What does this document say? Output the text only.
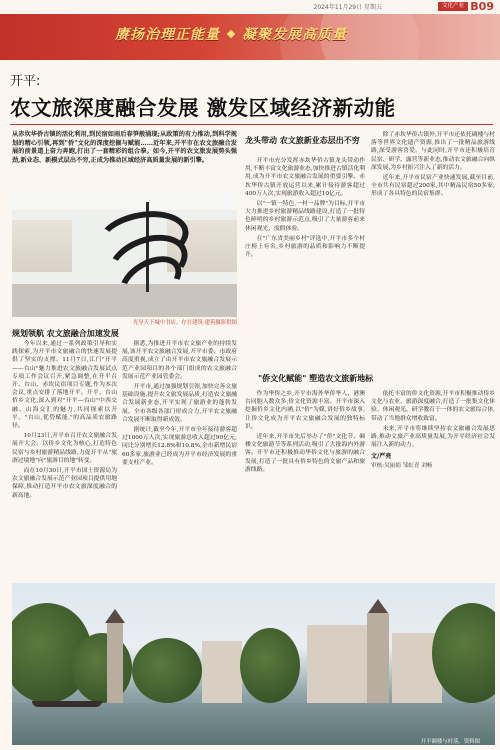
2024年11月29日 星期五	文化产业 B09
赓扬治理正能量 凝聚发展高质量
开平:
农文旅深度融合发展 激发区域经济新动能
从赤坎华侨古镇的活化利用,到民宿如雨后春笋般涌现;从政策的有力推动,到科学规划的精心引领,再到"侨"文化的深度挖掘与赋能……近年来,开平市在农文旅融合发展的前景道上奋力奔跑,打出了一套精彩的组合拳。如今,开平的农文旅发展势头强劲,新业态、新模式层出不穷,正成为推动区域经济高质量发展的新引擎。
光导天下城中书店。存在建筑·建筑摄影供图
规划领航 农文旅融合加速发展

今年以来,通过一系列政策引导和实践探索,为开平市文旅融合的快速发展提供了坚实的支撑。11月7日,江门"开平——台山"魅力推进农文旅融合发展试点专项工作会议召开,紧急调整,在开平召开、台山、赤坎民宿项目专题,作为本次会议,重点安排了落地开平。开平、台山侨乡文化,深入到对"开平—台山"中西交融、山海交汇的魅力,共同探索以开平。"台山,优势赋能,"的高品质农旅路径。

10月23日,开平市召开农文旅融合发展开大会。以侨乡文化为核心,打造特色民宿与乡村旅游精品线路,力促开平从"旅游过境地"向"旅游目的地"转变。

而在10月30日,开平市国土资源局为农文旅融合发展示范产业园项目提供用地保障,推动打造开平市农文旅深度融合的新高地。

据悉,为推进开平市农文旅产业的持续发展,该开平农文旅融合发展,开平市委、市政府高度重视,成立了由开平市农文旅融合发展示范产业园项目的各个部门组成的农文旅融合发展示范产业园管委会。

开平市,通过加强规划引领,加快完善文旅基础设施,提升农文旅发展品质,打造农文旅融合发展新业态,开平实现了旅游业的蓬勃发展。全市各级各部门形成合力,开平农文旅融合发展不断取得新成效。

据统计,截至今年,开平市全年接待游客超过1000万人次,实现旅游总收入超过90亿元,同比分别增长12.8%和10.8%,全市新增民宿60多家,旅游业已经成为开平市经济发展的重要支柱产业。

龙头带动 农文旅新业态层出不穷

开平市充分发挥赤坎华侨古镇龙头带动作用,不断丰富文化旅游业态,加快推进古镇活化利用,成为开平市农文旅融合发展的重要引擎。赤坎华侨古镇开放运营以来,累计接待游客超过400万人次,实现旅游收入超过10亿元。

以"一镇一特色,一村一品牌"为目标,开平市大力推进乡村旅游精品线路建设,打造了一批特色鲜明的乡村旅游示范点,吸引了大量游客前来休闲观光、度假体验。

在"广东省美丽乡村"评选中,开平市多个村庄榜上有名,乡村旅游的品质和影响力不断提升。

除了赤坎华侨古镇外,开平市还依托碉楼与村落等世界文化遗产资源,推出了一批精品旅游线路,深受游客喜爱。与此同时,开平市还积极培育民宿、研学、露营等新业态,推动农文旅融合向纵深发展,为乡村振兴注入了新的活力。

近年来,开平市民宿产业快速发展,截至目前,全市共有民宿超过200家,其中精品民宿50多家,形成了各具特色的民宿集群。

"侨文化赋能" 塑造农文旅新地标

作为华侨之乡,开平市海外华侨华人、港澳台同胞人数众多,侨文化资源丰富。开平市深入挖掘侨乡文化内涵,以"侨"为媒,讲好侨乡故事,让侨文化成为开平农文旅融合发展的独特标识。

近年来,开平市先后举办了"侨"文化节、碉楼文化旅游节等系列活动,吸引了大批海内外游客。开平市还积极推动华侨文化与旅游的融合发展,打造了一批具有侨乡特色的文旅产品和旅游线路。

依托丰富的侨文化资源,开平市积极推动侨乡文化与农业、旅游深度融合,打造了一批集文化体验、休闲观光、研学教育于一体的农文旅综合体,带动了当地群众增收致富。

未来,开平市将继续坚持农文旅融合发展思路,推动文旅产业高质量发展,为开平经济社会发展注入新的动力。

文/严亮
审核:吴丽娟 邹虹青 刘畅
开平碉楼与村落。资料图
